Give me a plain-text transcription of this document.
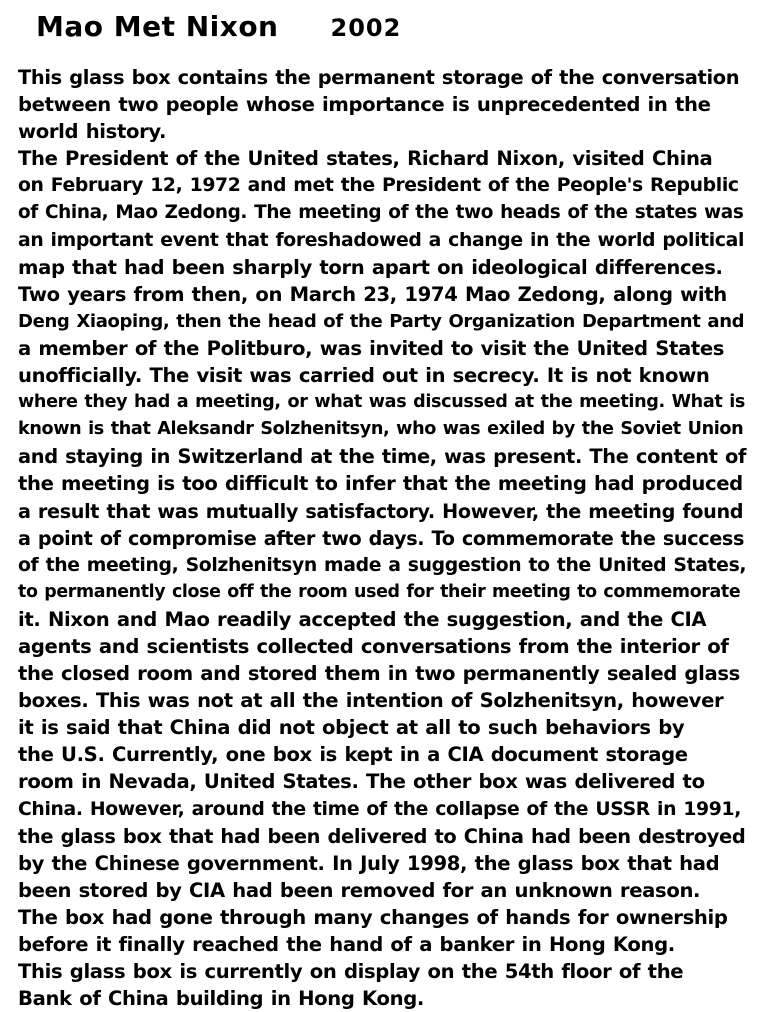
Mao Met Nixon 2002
This glass box contains the permanent storage of the conversation
between two people whose importance is unprecedented in the
world history.
The President of the United states, Richard Nixon, visited China
on February 12, 1972 and met the President of the People's Republic
of China, Mao Zedong. The meeting of the two heads of the states was
an important event that foreshadowed a change in the world political
map that had been sharply torn apart on ideological differences.
Two years from then, on March 23, 1974 Mao Zedong, along with
Deng Xiaoping, then the head of the Party Organization Department and
a member of the Politburo, was invited to visit the United States
unofficially. The visit was carried out in secrecy. It is not known
where they had a meeting, or what was discussed at the meeting. What is
known is that Aleksandr Solzhenitsyn, who was exiled by the Soviet Union
and staying in Switzerland at the time, was present. The content of
the meeting is too difficult to infer that the meeting had produced
a result that was mutually satisfactory. However, the meeting found
a point of compromise after two days. To commemorate the success
of the meeting, Solzhenitsyn made a suggestion to the United States,
to permanently close off the room used for their meeting to commemorate
it. Nixon and Mao readily accepted the suggestion, and the CIA
agents and scientists collected conversations from the interior of
the closed room and stored them in two permanently sealed glass
boxes. This was not at all the intention of Solzhenitsyn, however
it is said that China did not object at all to such behaviors by
the U.S. Currently, one box is kept in a CIA document storage
room in Nevada, United States. The other box was delivered to
China. However, around the time of the collapse of the USSR in 1991,
the glass box that had been delivered to China had been destroyed
by the Chinese government. In July 1998, the glass box that had
been stored by CIA had been removed for an unknown reason.
The box had gone through many changes of hands for ownership
before it finally reached the hand of a banker in Hong Kong.
This glass box is currently on display on the 54th floor of the
Bank of China building in Hong Kong.
